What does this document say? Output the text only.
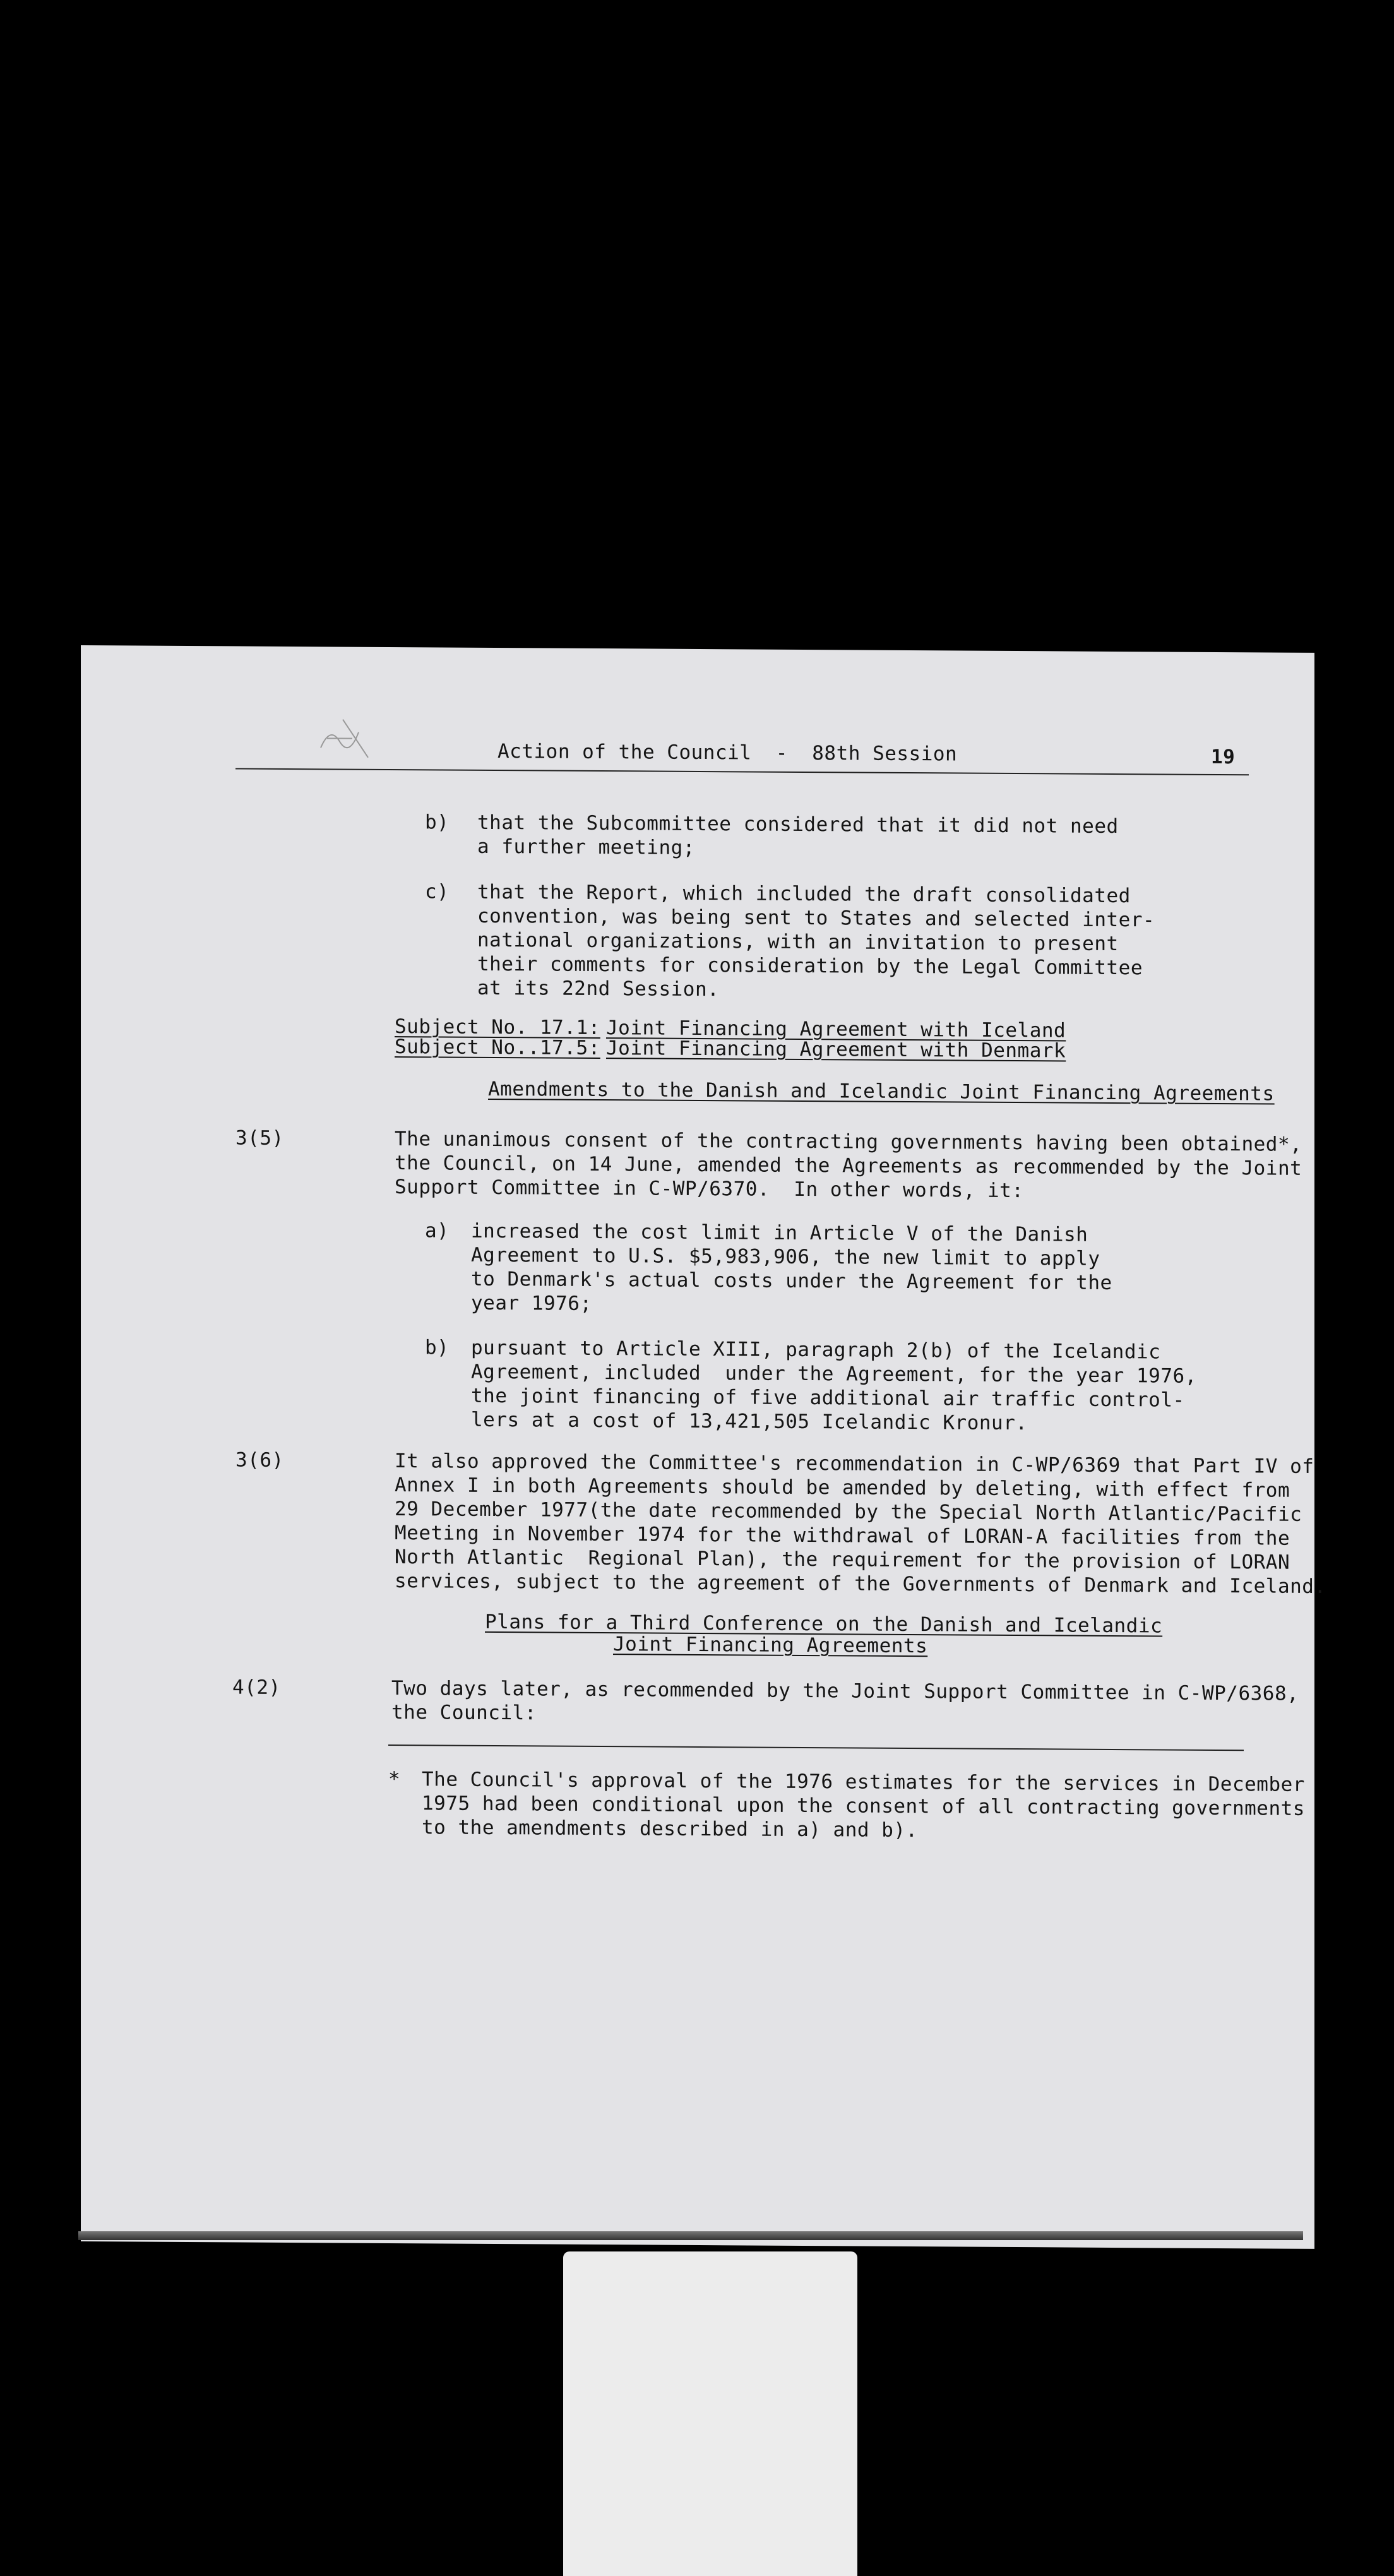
Action of the Council  -  88th Session	19
b) that the Subcommittee considered that it did not need
a further meeting;
c) that the Report, which included the draft consolidated
convention, was being sent to States and selected inter-
national organizations, with an invitation to present
their comments for consideration by the Legal Committee
at its 22nd Session.
Subject No. 17.1: Joint Financing Agreement with Iceland
Subject No..17.5: Joint Financing Agreement with Denmark
Amendments to the Danish and Icelandic Joint Financing Agreements
3(5)	The unanimous consent of the contracting governments having been obtained*,
the Council, on 14 June, amended the Agreements as recommended by the Joint
Support Committee in C-WP/6370.  In other words, it:
a) increased the cost limit in Article V of the Danish
Agreement to U.S. $5,983,906, the new limit to apply
to Denmark's actual costs under the Agreement for the
year 1976;
b) pursuant to Article XIII, paragraph 2(b) of the Icelandic
Agreement, included  under the Agreement, for the year 1976,
the joint financing of five additional air traffic control-
lers at a cost of 13,421,505 Icelandic Kronur.
3(6)	It also approved the Committee's recommendation in C-WP/6369 that Part IV of
Annex I in both Agreements should be amended by deleting, with effect from
29 December 1977(the date recommended by the Special North Atlantic/Pacific
Meeting in November 1974 for the withdrawal of LORAN-A facilities from the
North Atlantic  Regional Plan), the requirement for the provision of LORAN
services, subject to the agreement of the Governments of Denmark and Iceland.
Plans for a Third Conference on the Danish and Icelandic
Joint Financing Agreements
4(2)	Two days later, as recommended by the Joint Support Committee in C-WP/6368,
the Council:
* The Council's approval of the 1976 estimates for the services in December
1975 had been conditional upon the consent of all contracting governments
to the amendments described in a) and b).
